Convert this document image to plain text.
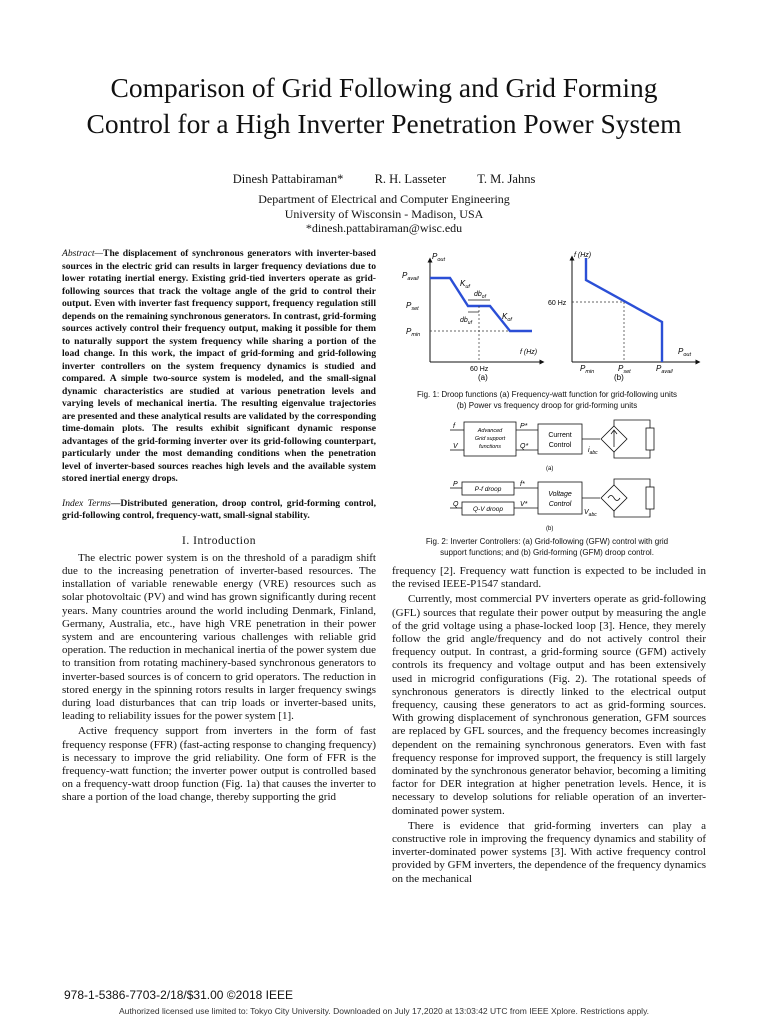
Comparison of Grid Following and Grid Forming
Control for a High Inverter Penetration Power System
Dinesh Pattabiraman* R. H. Lasseter T. M. Jahns
Department of Electrical and Computer Engineering
University of Wisconsin - Madison, USA
*dinesh.pattabiraman@wisc.edu

Abstract—The displacement of synchronous generators with inverter-based sources in the electric grid can results in larger frequency deviations due to lower rotating inertial energy. Existing grid-tied inverters operate as grid-following sources that track the voltage angle of the grid to control their output. Even with inverter fast frequency support, frequency regulation still depends on the remaining synchronous generators. In contrast, grid-forming sources actively control their frequency output, making it possible for them to naturally support the system frequency while sharing a portion of the load change. In this work, the impact of grid-forming and grid-following inverter controllers on the system frequency dynamics is studied and compared. A simple two-source system is modeled, and the small-signal dynamic characteristics are studied at various penetration levels and varying levels of mechanical inertia. The resulting eigenvalue trajectories are presented and these analytical results are validated by the corresponding time-domain plots. The results exhibit significant dynamic response advantages of the grid-forming inverter over its grid-following counterpart, particularly under the most demanding conditions when the penetration level of inverter-based sources reaches high levels and the available system stored inertial energy drops.

Index Terms—Distributed generation, droop control, grid-forming control, grid-following control, frequency-watt, small-signal stability.

I. Introduction

The electric power system is on the threshold of a paradigm shift due to the increasing penetration of inverter-based resources. The installation of variable renewable energy (VRE) resources such as solar photovoltaic (PV) and wind has grown significantly during recent years. Many countries around the world including Denmark, Finland, Germany, Australia, etc., have high VRE penetration in their power system and are encountering various challenges with reliable grid operation. The reduction in mechanical inertia of the power system due to transition from rotating machinery-based synchronous generators to inverter-based sources is of concern to grid operators. The reduction in stored energy in the spinning rotors results in larger frequency swings during load disturbances that can trip loads or inverter-based units, leading to reliability issues for the power system [1].

Active frequency support from inverters in the form of fast frequency response (FFR) (fast-acting response to changing frequency) is necessary to improve the grid reliability. One form of FFR is the frequency-watt function; the inverter power output is controlled based on a frequency-watt droop function (Fig. 1a) that causes the inverter to share a portion of the load change, thereby supporting the grid

$P_{out}$
$P_{avail}$
$P_{set}$
$P_{min}$
$K_{uf}$
$K_{of}$
$db_{of}$
$db_{uf}$
f (Hz)
60 Hz
(a)
f (Hz)
60 Hz
$P_{min}$	$P_{set}$	$P_{avail}$
$P_{out}$
(b)
Fig. 1: Droop functions (a) Frequency-watt function for grid-following units
(b) Power vs frequency droop for grid-forming units
f
V
Advanced
Grid support
functions
P*
Q*
Current
Control
$i_{abc}$
(a)
P
Q
P-f droop
Q-V droop
f*
V*
Voltage
Control
$V_{abc}$
(b)
Fig. 2: Inverter Controllers: (a) Grid-following (GFW) control with grid
support functions; and (b) Grid-forming (GFM) droop control.

frequency [2]. Frequency watt function is expected to be included in the revised IEEE-P1547 standard.

Currently, most commercial PV inverters operate as grid-following (GFL) sources that regulate their power output by measuring the angle of the grid voltage using a phase-locked loop [3]. Hence, they merely follow the grid angle/frequency and do not actively control their frequency output. In contrast, a grid-forming source (GFM) actively controls its frequency and voltage output and has been extensively used in microgrid configurations (Fig. 2). The rotational speeds of synchronous generators is directly linked to the electrical output frequency, causing these generators to act as grid-forming sources. With growing displacement of synchronous generation, GFM sources are replaced by GFL sources, and the frequency becomes increasingly dependent on the remaining synchronous generators. Even with fast frequency response for improved support, the frequency is still largely dominated by the synchronous generator behavior, becoming a limiting factor for DER integration at higher penetration levels. Hence, it is necessary to develop solutions for reliable operation of an inverter-dominated power system.

There is evidence that grid-forming inverters can play a constructive role in improving the frequency dynamics and stability of inverter-dominated power systems [3]. With active frequency control provided by GFM inverters, the dependence of the frequency dynamics on the mechanical

978-1-5386-7703-2/18/$31.00 ©2018 IEEE
Authorized licensed use limited to: Tokyo City University. Downloaded on July 17,2020 at 13:03:42 UTC from IEEE Xplore. Restrictions apply.
